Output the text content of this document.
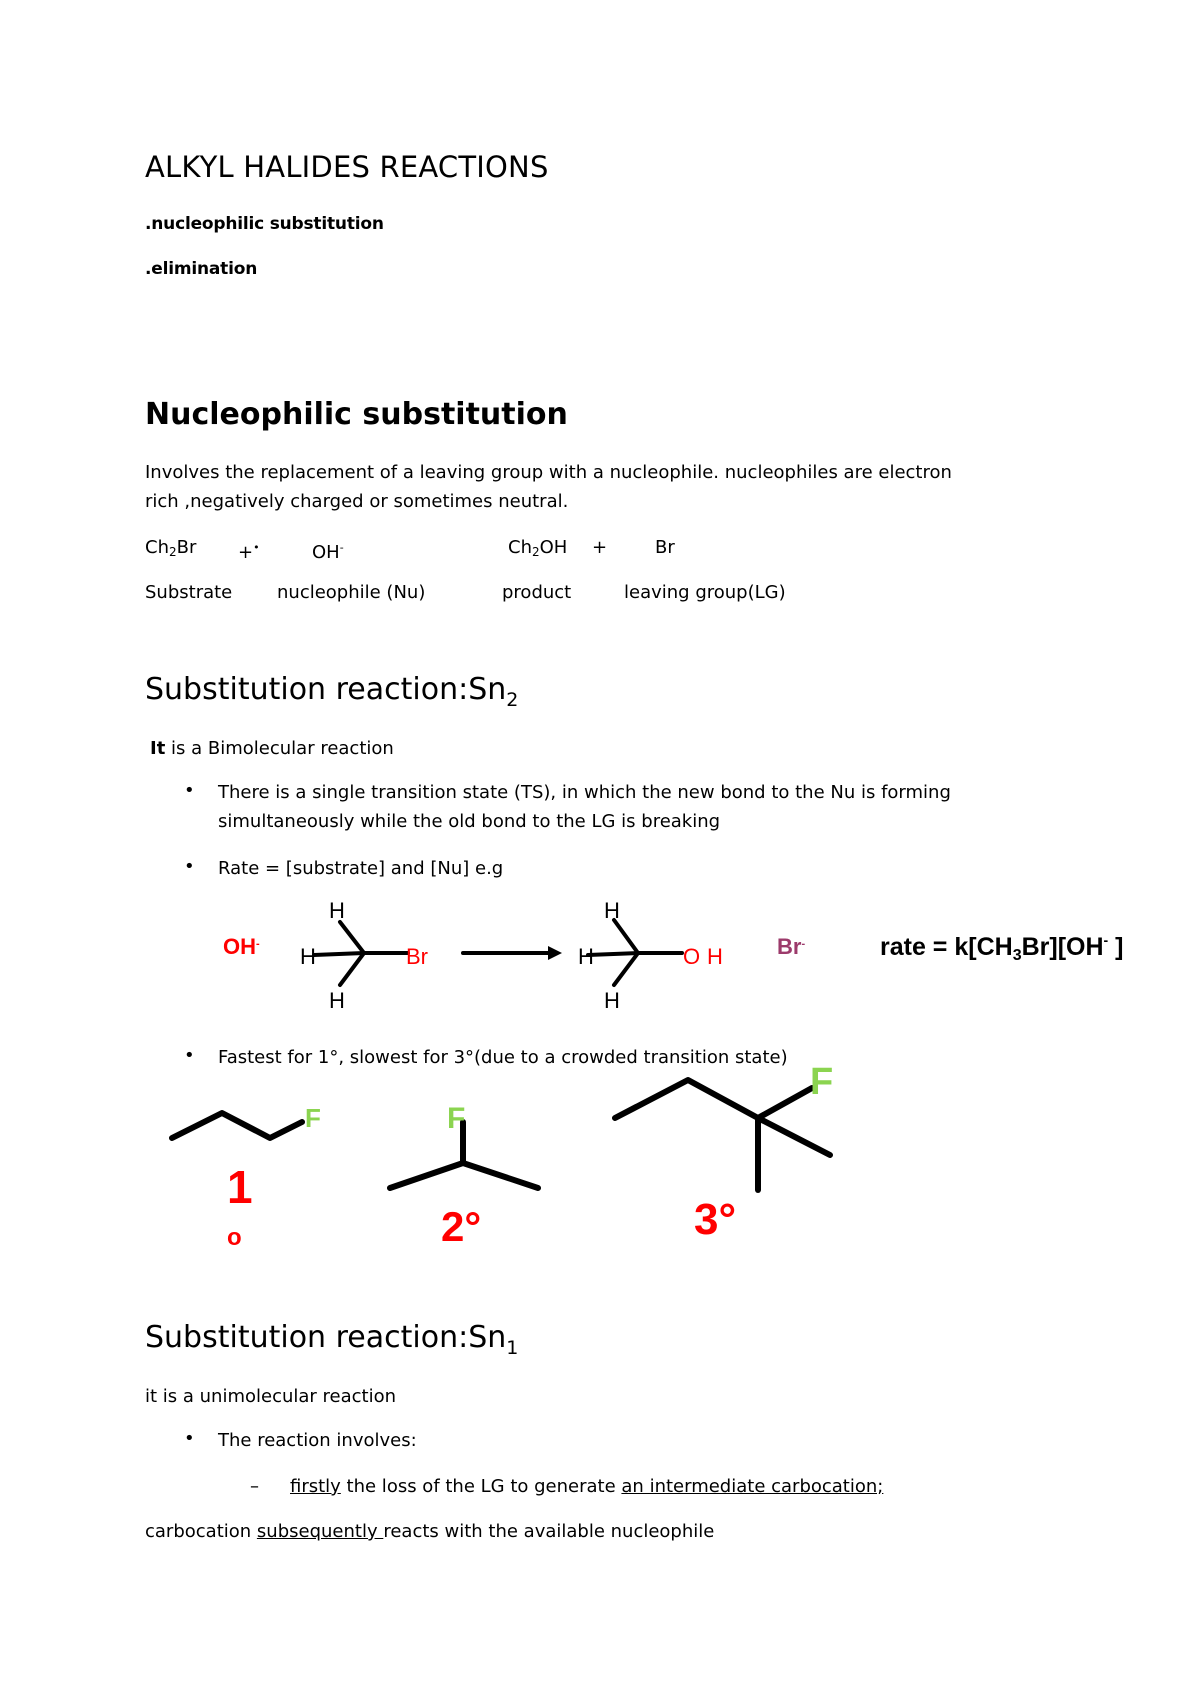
ALKYL HALIDES REACTIONS
.nucleophilic substitution
.elimination
Nucleophilic substitution
Involves the replacement of a leaving group with a nucleophile. nucleophiles are electron
rich ,negatively charged or sometimes neutral.
$Ch_2Br +^•$	OH-	$Ch_2OH$ +	Br
Substrate nucleophile (Nu)	product	leaving group(LG)
Substitution $reaction:Sn_2$
It is a Bimolecular reaction
• There is a single transition state (TS), in which the new bond to the Nu is forming
simultaneously while the old bond to the LG is breaking
• Rate = [substrate] and [Nu] e.g
OH-
H
H
H
Br
H
H
H
O H Br-	rate = $k[CH_3Br][OH^-$ ]
• Fastest for 1°, slowest for 3°(due to a crowded transition state)
F
1
o
F
2°
F
3°
Substitution $reaction:Sn_1$
it is a unimolecular reaction
• The reaction involves:
– firstly the loss of the LG to generate an intermediate carbocation;
carbocation subsequently reacts with the available nucleophile
